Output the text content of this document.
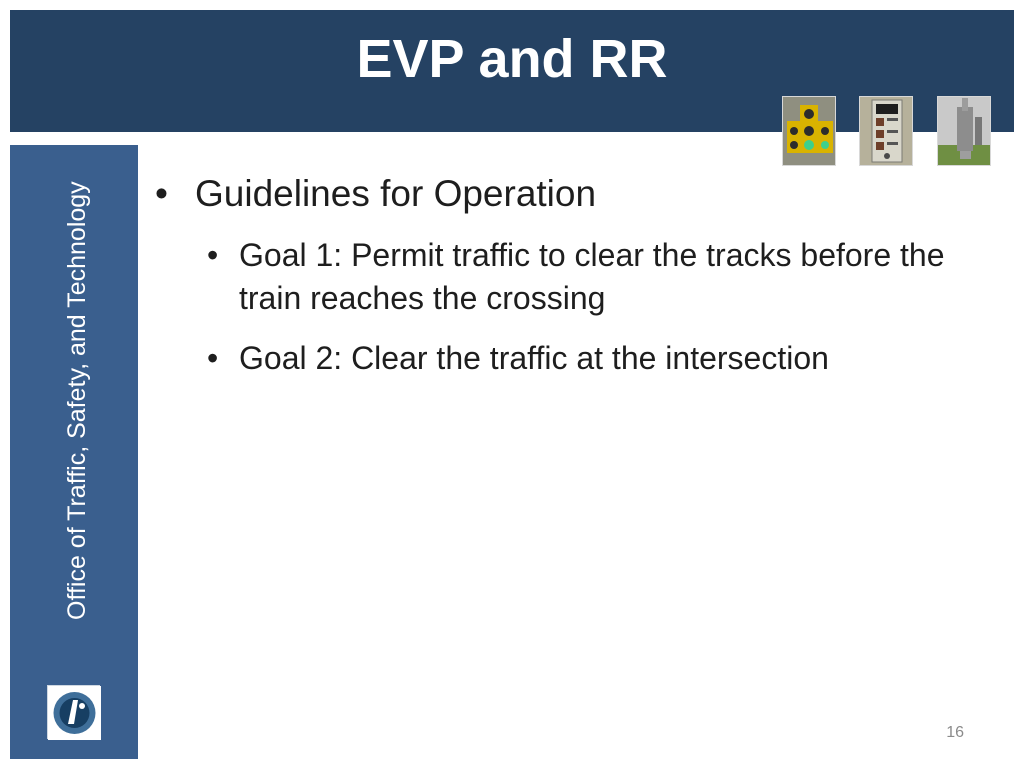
EVP and RR
Office of Traffic, Safety, and Technology
•	Guidelines for Operation
• Goal 1: Permit traffic to clear the tracks before the train reaches the crossing
• Goal 2: Clear the traffic at the intersection
16
